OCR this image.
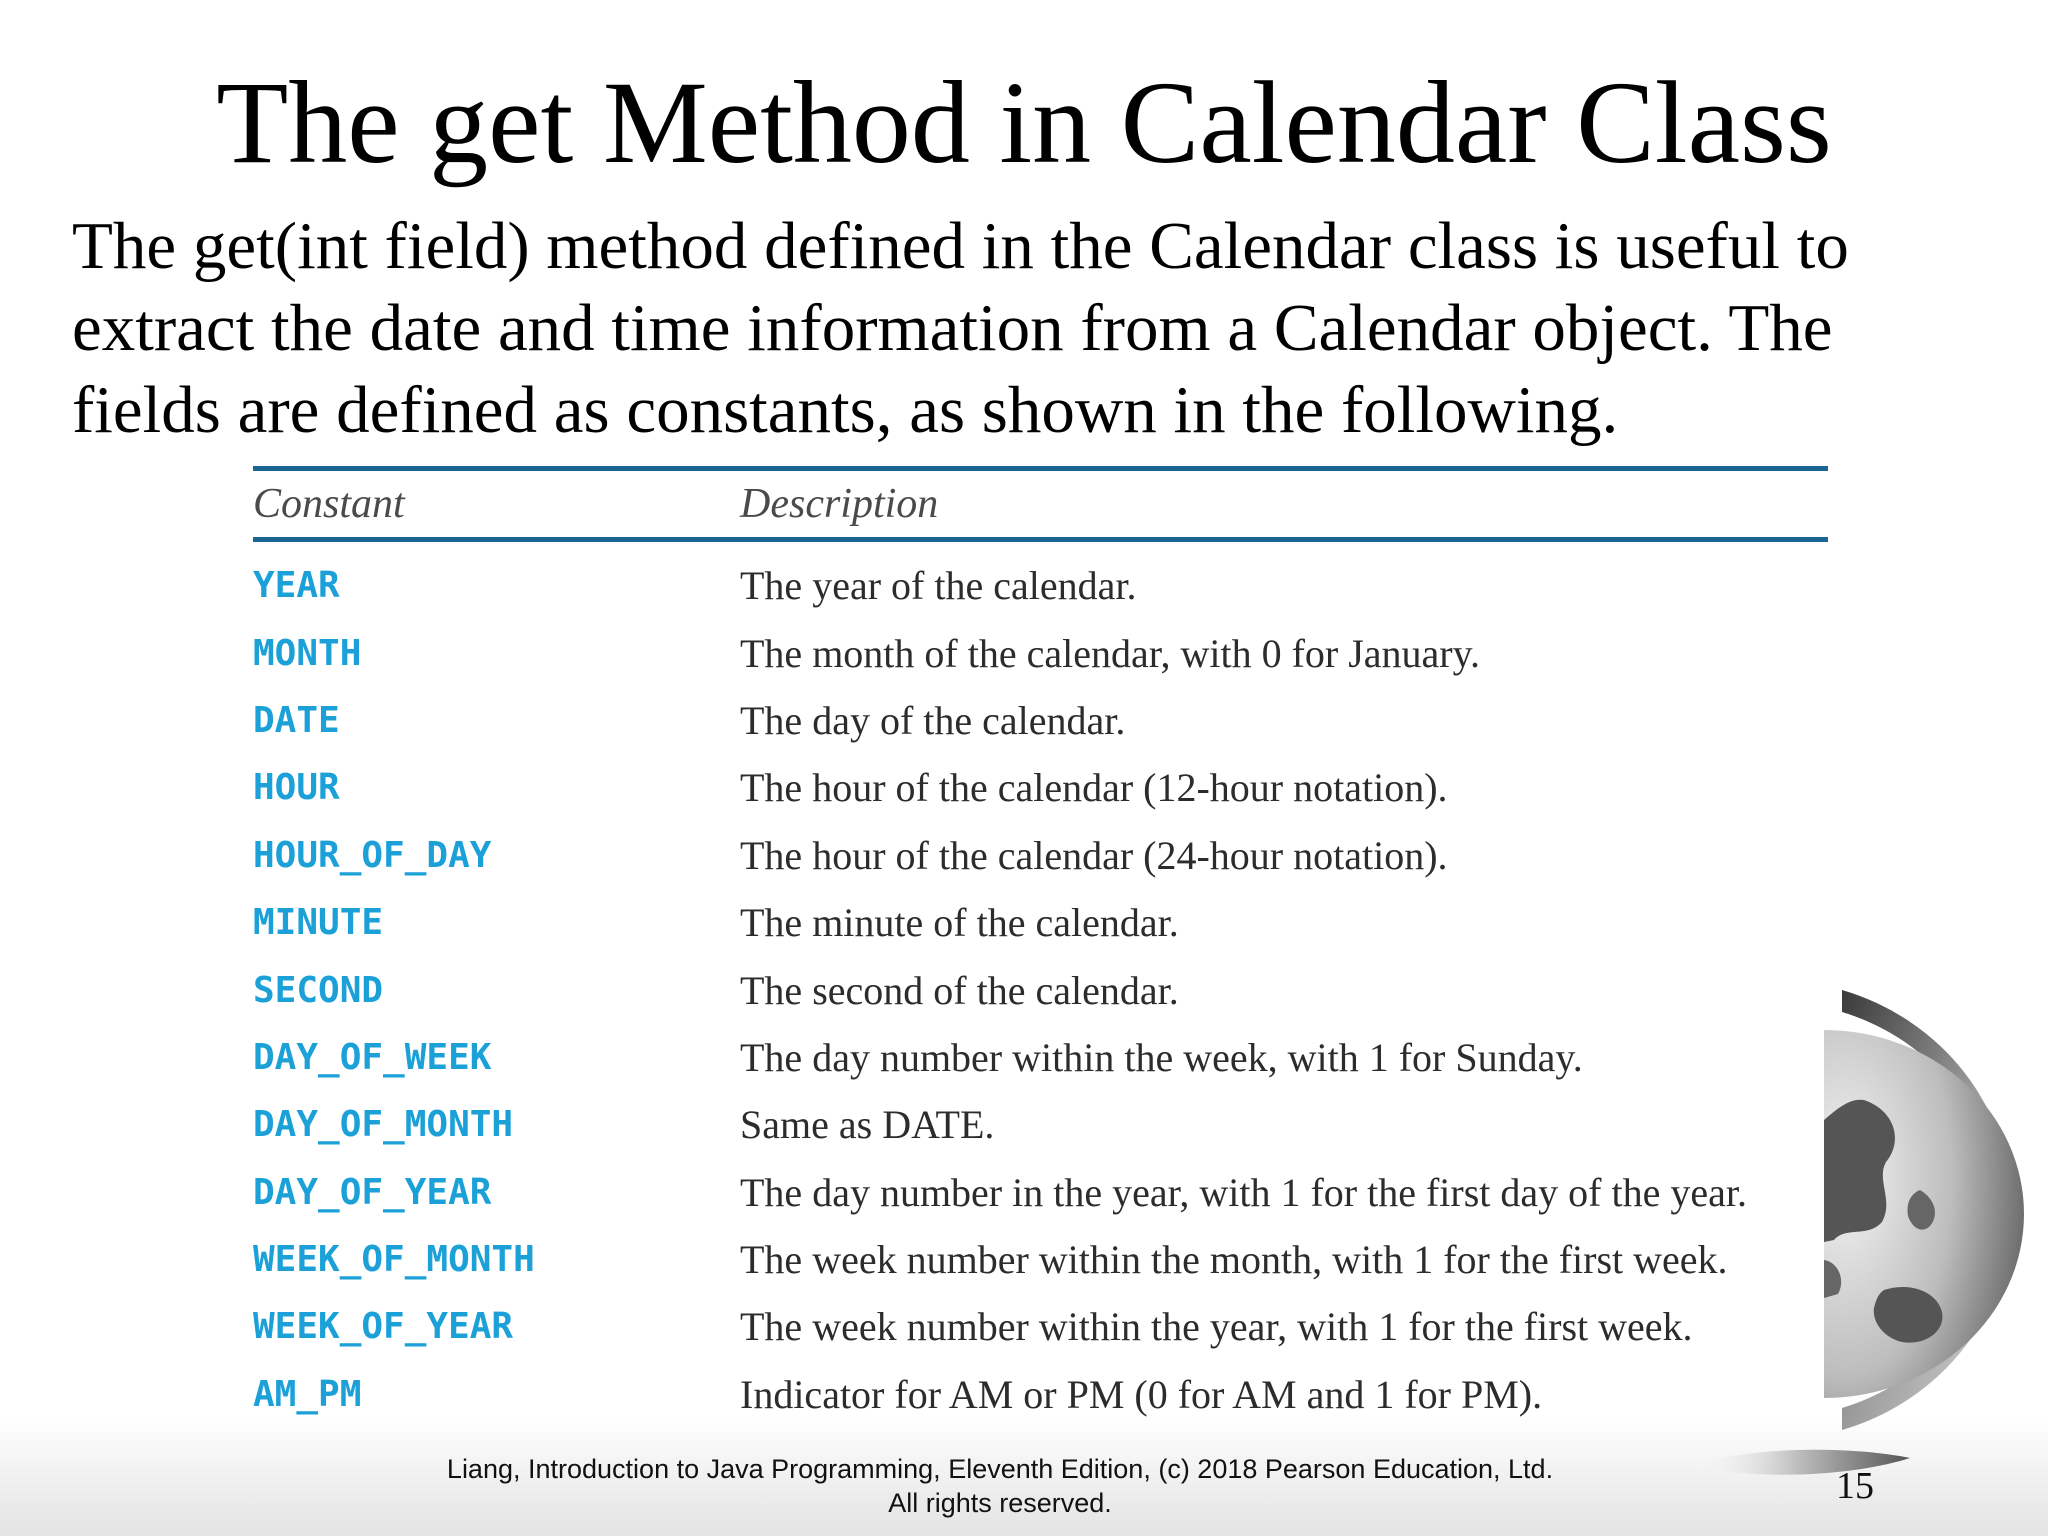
The get Method in Calendar Class
The get(int field) method defined in the Calendar class is useful to
extract the date and time information from a Calendar object. The
fields are defined as constants, as shown in the following.
Constant	Description
YEAR	The year of the calendar.
MONTH	The month of the calendar, with 0 for January.
DATE	The day of the calendar.
HOUR	The hour of the calendar (12-hour notation).
HOUR_OF_DAY	The hour of the calendar (24-hour notation).
MINUTE	The minute of the calendar.
SECOND	The second of the calendar.
DAY_OF_WEEK	The day number within the week, with 1 for Sunday.
DAY_OF_MONTH	Same as DATE.
DAY_OF_YEAR	The day number in the year, with 1 for the first day of the year.
WEEK_OF_MONTH	The week number within the month, with 1 for the first week.
WEEK_OF_YEAR	The week number within the year, with 1 for the first week.
AM_PM	Indicator for AM or PM (0 for AM and 1 for PM).
Liang, Introduction to Java Programming, Eleventh Edition, (c) 2018 Pearson Education, Ltd.
All rights reserved.	15
